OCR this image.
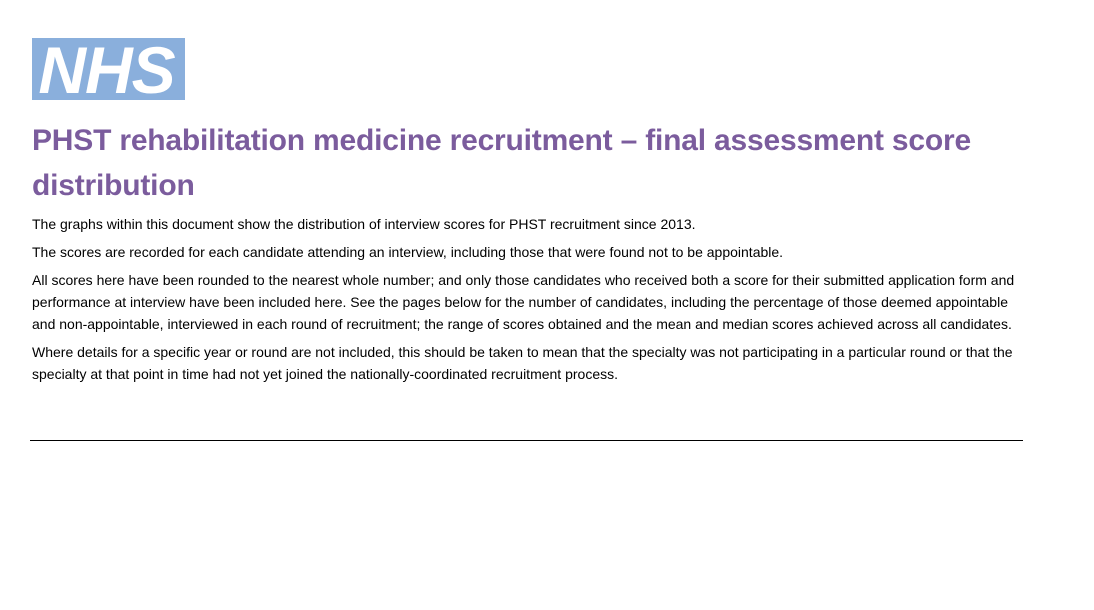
NHS
PHST rehabilitation medicine recruitment – final assessment score distribution

The graphs within this document show the distribution of interview scores for PHST recruitment since 2013.

The scores are recorded for each candidate attending an interview, including those that were found not to be appointable.

All scores here have been rounded to the nearest whole number; and only those candidates who received both a score for their submitted application form and performance at interview have been included here. See the pages below for the number of candidates, including the percentage of those deemed appointable and non-appointable, interviewed in each round of recruitment; the range of scores obtained and the mean and median scores achieved across all candidates.

Where details for a specific year or round are not included, this should be taken to mean that the specialty was not participating in a particular round or that the specialty at that point in time had not yet joined the nationally-coordinated recruitment process.
